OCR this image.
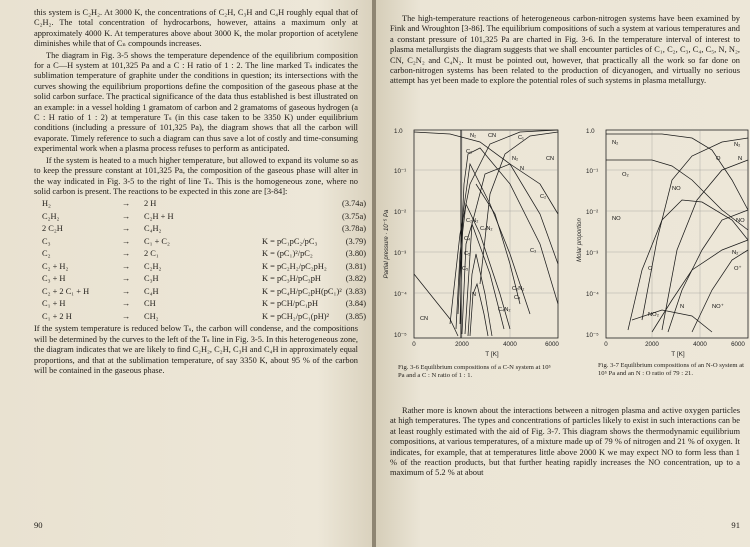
this system is C₂H₂. At 3000 K, the concentrations of C₂H, C₃H and C₄H roughly equal that of C₂H₂. The total concentration of hydrocarbons, however, attains a maximum only at approximately 4000 K. At temperatures above about 3000 K, the molar proportion of acetylene diminishes while that of Cₙ compounds increases.

The diagram in Fig. 3-5 shows the temperature dependence of the equilibrium composition for a C—H system at 101,325 Pa and a C : H ratio of 1 : 2. The line marked Tₛ indicates the sublimation temperature of graphite under the conditions in question; its intersections with the curves showing the equilibrium proportions define the composition of the gaseous phase at the solid carbon surface. The practical significance of the data thus established is best illustrated on an example: in a vessel holding 1 gramatom of carbon and 2 gramatoms of gaseous hydrogen (a C : H ratio of 1 : 2) at temperature Tₛ (in this case taken to be 3350 K) under equilibrium conditions (including a pressure of 101,325 Pa), the diagram shows that all the carbon will evaporate. Timely reference to such a diagram can thus save a lot of costly and time-consuming experimental work when a plasma process refuses to perform as anticipated.

If the system is heated to a much higher temperature, but allowed to expand its volume so as to keep the pressure constant at 101,325 Pa, the composition of the gaseous phase will alter in the way indicated in Fig. 3-5 to the right of line Tₛ. This is the homogeneous zone, where no solid carbon is present. The reactions to be expected in this zone are [3-84]:

H₂	→	2 H	(3.74a)
C₂H₂	→	C₂H + H	(3.75a)
2 C₂H	→	C₄H₂	(3.78a)
C₃	→	C₁ + C₂	K = pC₁pC₂/pC₃	(3.79)
C₂	→	2 C₁	K = (pC₁)²/pC₂	(3.80)
C₂ + H₂	→	C₂H₂	K = pC₂H₂/pC₂pH₂	(3.81)
C₃ + H	→	C₃H	K = pC₃H/pC₃pH	(3.82)
C₂ + 2 C₁ + H	→	C₄H	K = pC₄H/pC₂pH(pC₁)² (3.83)
C₁ + H	→	CH	K = pCH/pC₁pH	(3.84)
C₁ + 2 H	→	CH₂	K = pCH₂/pC₁(pH)²	(3.85)

If the system temperature is reduced below Tₛ, the carbon will condense, and the compositions will be determined by the curves to the left of the Tₛ line in Fig. 3-5. In this heterogeneous zone, the diagram indicates that we are likely to find C₂H₂, C₂H, C₃H and C₄H in approximately equal proportions, and that at the sublimation temperature, of say 3350 K, about 95 % of the carbon will be contained in the gaseous phase.

90

The high-temperature reactions of heterogeneous carbon-nitrogen systems have been examined by Fink and Wroughton [3-86]. The equilibrium compositions of such a system at various temperatures and a constant pressure of 101,325 Pa are charted in Fig. 3-6. In the temperature interval of interest to plasma metallurgists the diagram suggests that we shall encounter particles of C₁, C₂, C₃, C₄, C₅, N, N₂, CN, C₂N₂ and C₄N₂. It must be pointed out, however, that practically all the work so far done on carbon-nitrogen systems has been related to the production of dicyanogen, and virtually no serious attempt has yet been made to explore the potential roles of such systems in plasma metallurgy.

1.0
10⁻¹
10⁻²
10⁻³
10⁻⁴
10⁻⁵
0	2000	4000	6000
T [K]
Partial pressure · 10⁻⁵ Pa
N₂ CN	C₁
C₂
N₂	CN
N
C₂
C₂N₂
C₄N₂
C₄
C₅	C₃
C₂N₂
C₄
C₄N₂
N
CN
C₅
Fig. 3-6 Equilibrium compositions of a C-N system at 10⁵ Pa and a C : N ratio of 1 : 1.
1.0
10⁻¹
10⁻²
10⁻³
10⁻⁴
10⁻⁵
0	2000	4000	6000
T [K]
Molar proportion
N₂
O₂
O
N₂
N
NO
NO
O
NO₂
N	NO⁺
NO
N₂
O⁺
Fig. 3-7 Equilibrium compositions of an N-O system at 10⁵ Pa and an N : O ratio of 79 : 21.

Rather more is known about the interactions between a nitrogen plasma and active oxygen particles at high temperatures. The types and concentrations of particles likely to exist in such interactions can be at least roughly estimated with the aid of Fig. 3-7. This diagram shows the thermodynamic equilibrium compositions, at various temperatures, of a mixture made up of 79 % of nitrogen and 21 % of oxygen. It indicates, for example, that at temperatures little above 2000 K we may expect NO to form less than 1 % of the reaction products, but that further heating rapidly increases the NO concentration, up to a maximum of 5.2 % at about

91
